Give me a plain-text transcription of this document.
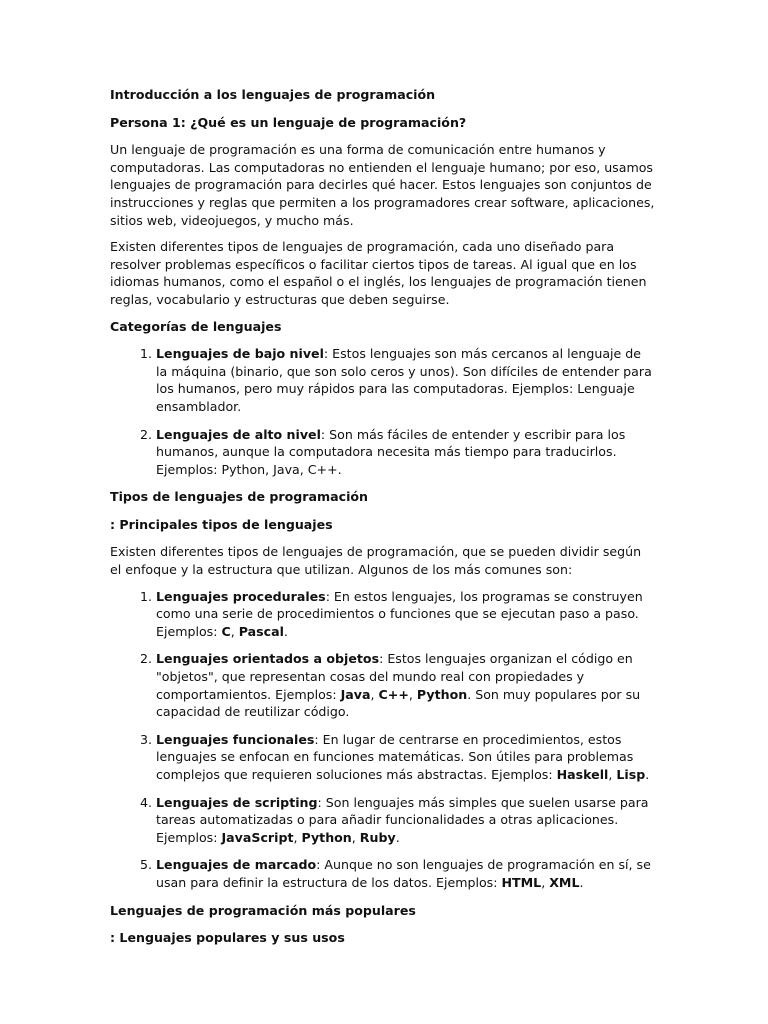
Introducción a los lenguajes de programación

Persona 1: ¿Qué es un lenguaje de programación?

Un lenguaje de programación es una forma de comunicación entre humanos y computadoras. Las computadoras no entienden el lenguaje humano; por eso, usamos lenguajes de programación para decirles qué hacer. Estos lenguajes son conjuntos de instrucciones y reglas que permiten a los programadores crear software, aplicaciones, sitios web, videojuegos, y mucho más.

Existen diferentes tipos de lenguajes de programación, cada uno diseñado para resolver problemas específicos o facilitar ciertos tipos de tareas. Al igual que en los idiomas humanos, como el español o el inglés, los lenguajes de programación tienen reglas, vocabulario y estructuras que deben seguirse.

Categorías de lenguajes

1. Lenguajes de bajo nivel: Estos lenguajes son más cercanos al lenguaje de la máquina (binario, que son solo ceros y unos). Son difíciles de entender para los humanos, pero muy rápidos para las computadoras. Ejemplos: Lenguaje ensamblador.
2. Lenguajes de alto nivel: Son más fáciles de entender y escribir para los humanos, aunque la computadora necesita más tiempo para traducirlos. Ejemplos: Python, Java, C++.

Tipos de lenguajes de programación

: Principales tipos de lenguajes

Existen diferentes tipos de lenguajes de programación, que se pueden dividir según el enfoque y la estructura que utilizan. Algunos de los más comunes son:

1. Lenguajes procedurales: En estos lenguajes, los programas se construyen como una serie de procedimientos o funciones que se ejecutan paso a paso. Ejemplos: C, Pascal.
2. Lenguajes orientados a objetos: Estos lenguajes organizan el código en "objetos", que representan cosas del mundo real con propiedades y comportamientos. Ejemplos: Java, C++, Python. Son muy populares por su capacidad de reutilizar código.
3. Lenguajes funcionales: En lugar de centrarse en procedimientos, estos lenguajes se enfocan en funciones matemáticas. Son útiles para problemas complejos que requieren soluciones más abstractas. Ejemplos: Haskell, Lisp.
4. Lenguajes de scripting: Son lenguajes más simples que suelen usarse para tareas automatizadas o para añadir funcionalidades a otras aplicaciones. Ejemplos: JavaScript, Python, Ruby.
5. Lenguajes de marcado: Aunque no son lenguajes de programación en sí, se usan para definir la estructura de los datos. Ejemplos: HTML, XML.

Lenguajes de programación más populares

: Lenguajes populares y sus usos
